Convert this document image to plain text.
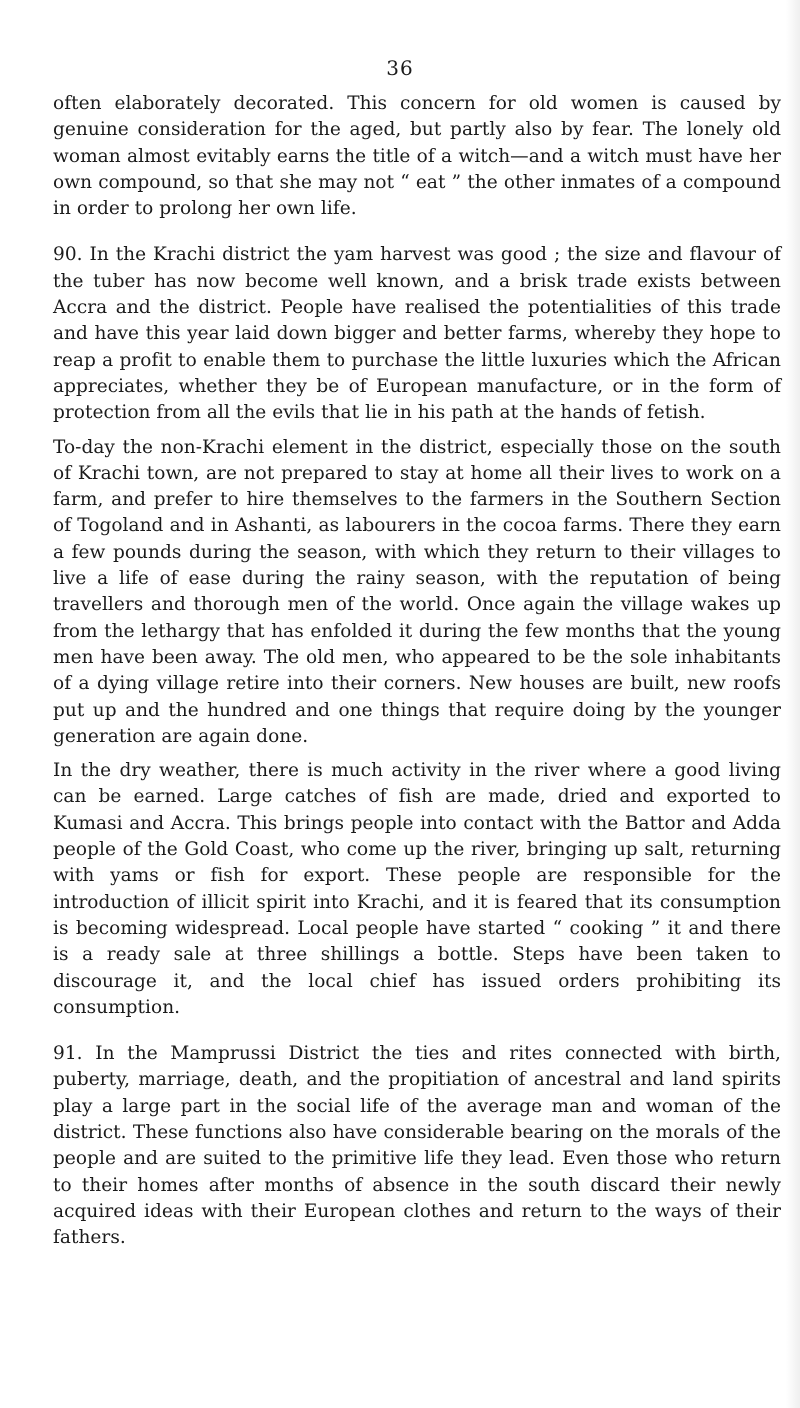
36

often elaborately decorated. This concern for old women is caused by genuine consideration for the aged, but partly also by fear. The lonely old woman almost evitably earns the title of a witch—and a witch must have her own compound, so that she may not “ eat ” the other inmates of a compound in order to prolong her own life.

90. In the Krachi district the yam harvest was good ; the size and flavour of the tuber has now become well known, and a brisk trade exists between Accra and the district. People have realised the potentialities of this trade and have this year laid down bigger and better farms, whereby they hope to reap a profit to enable them to purchase the little luxuries which the African appreciates, whether they be of European manufacture, or in the form of protection from all the evils that lie in his path at the hands of fetish.

To-day the non-Krachi element in the district, especially those on the south of Krachi town, are not prepared to stay at home all their lives to work on a farm, and prefer to hire themselves to the farmers in the Southern Section of Togoland and in Ashanti, as labourers in the cocoa farms. There they earn a few pounds during the season, with which they return to their villages to live a life of ease during the rainy season, with the reputation of being travellers and thorough men of the world. Once again the village wakes up from the lethargy that has enfolded it during the few months that the young men have been away. The old men, who appeared to be the sole inhabitants of a dying village retire into their corners. New houses are built, new roofs put up and the hundred and one things that require doing by the younger generation are again done.

In the dry weather, there is much activity in the river where a good living can be earned. Large catches of fish are made, dried and exported to Kumasi and Accra. This brings people into contact with the Battor and Adda people of the Gold Coast, who come up the river, bringing up salt, returning with yams or fish for export. These people are responsible for the introduction of illicit spirit into Krachi, and it is feared that its consumption is becoming widespread. Local people have started “ cooking ” it and there is a ready sale at three shillings a bottle. Steps have been taken to discourage it, and the local chief has issued orders prohibiting its consumption.

91. In the Mamprussi District the ties and rites connected with birth, puberty, marriage, death, and the propitiation of ancestral and land spirits play a large part in the social life of the average man and woman of the district. These functions also have considerable bearing on the morals of the people and are suited to the primitive life they lead. Even those who return to their homes after months of absence in the south discard their newly acquired ideas with their European clothes and return to the ways of their fathers.
